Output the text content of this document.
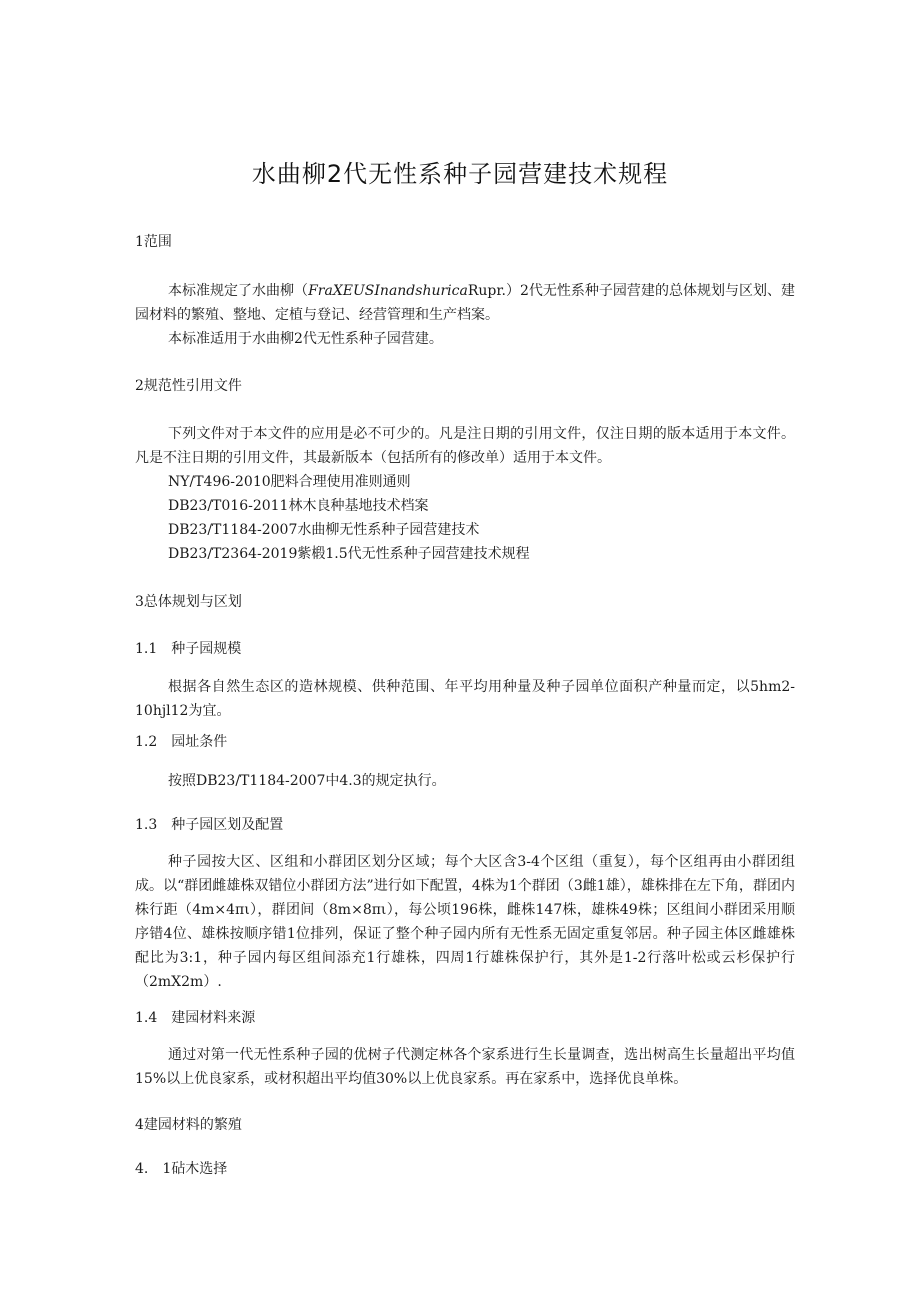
水曲柳2代无性系种子园营建技术规程
1范围
本标准规定了水曲柳（FraXEUSInandshuricaRupr.）2代无性系种子园营建的总体规划与区划、建园材料的繁殖、整地、定植与登记、经营管理和生产档案。
本标准适用于水曲柳2代无性系种子园营建。
2规范性引用文件
下列文件对于本文件的应用是必不可少的。凡是注日期的引用文件，仅注日期的版本适用于本文件。凡是不注日期的引用文件，其最新版本（包括所有的修改单）适用于本文件。
NY/T496-2010肥料合理使用准则通则
DB23/T016-2011林木良种基地技术档案
DB23/T1184-2007水曲柳无性系种子园营建技术
DB23/T2364-2019紫椴1.5代无性系种子园营建技术规程
3总体规划与区划
1.1　种子园规模
根据各自然生态区的造林规模、供种范围、年平均用种量及种子园单位面积产种量而定，以5hm2-10hjl12为宜。
1.2　园址条件
按照DB23/T1184-2007中4.3的规定执行。
1.3　种子园区划及配置
种子园按大区、区组和小群团区划分区域；每个大区含3-4个区组（重复），每个区组再由小群团组成。以“群团雌雄株双错位小群团方法”进行如下配置，4株为1个群团（3雌1雄），雄株排在左下角，群团内株行距（4m×4πι），群团间（8m×8πι），每公顷196株，雌株147株，雄株49株；区组间小群团采用顺序错4位、雄株按顺序错1位排列，保证了整个种子园内所有无性系无固定重复邻居。种子园主体区雌雄株配比为3:1，种子园内每区组间添充1行雄株，四周1行雄株保护行，其外是1-2行落叶松或云杉保护行（2mX2m）.
1.4　建园材料来源
通过对第一代无性系种子园的优树子代测定林各个家系进行生长量调查，选出树高生长量超出平均值15%以上优良家系，或材积超出平均值30%以上优良家系。再在家系中，选择优良单株。
4建园材料的繁殖
4.　1砧木选择
